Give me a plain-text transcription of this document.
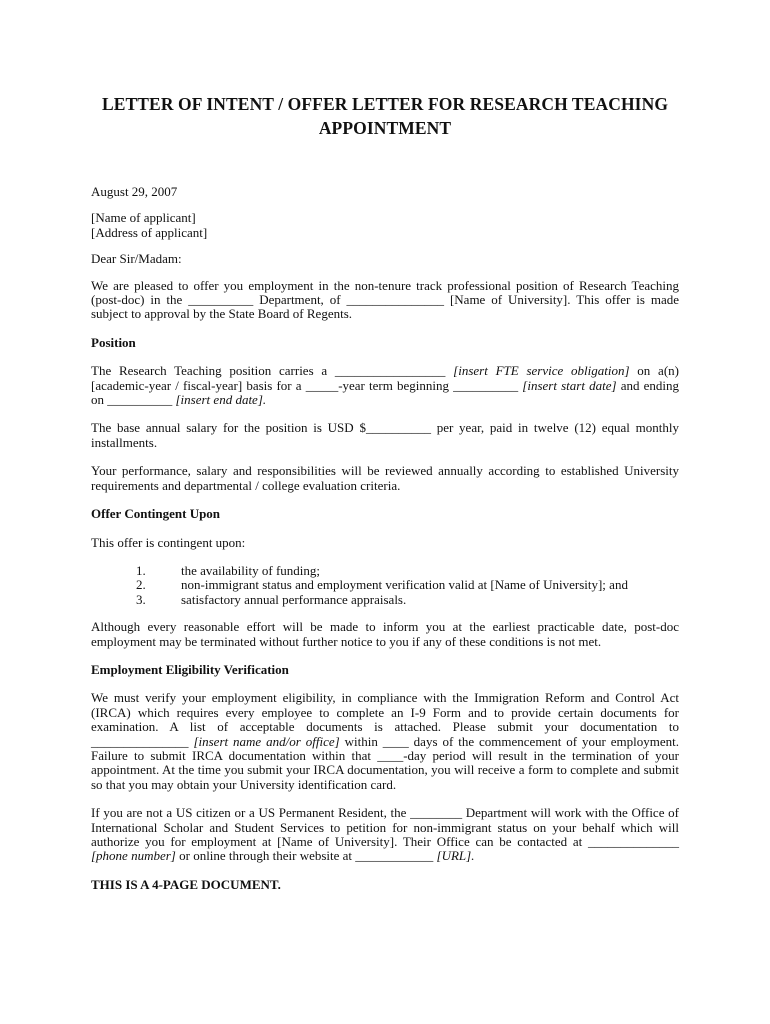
LETTER OF INTENT / OFFER LETTER FOR RESEARCH TEACHING APPOINTMENT

August 29, 2007

[Name of applicant]

[Address of applicant]

Dear Sir/Madam:

We are pleased to offer you employment in the non-tenure track professional position of Research Teaching (post-doc) in the __________ Department, of _______________ [Name of University]. This offer is made subject to approval by the State Board of Regents.

Position

The Research Teaching position carries a _________________ [insert FTE service obligation] on a(n) [academic-year / fiscal-year] basis for a _____-year term beginning __________ [insert start date] and ending on __________ [insert end date].

The base annual salary for the position is USD $__________ per year, paid in twelve (12) equal monthly installments.

Your performance, salary and responsibilities will be reviewed annually according to established University requirements and departmental / college evaluation criteria.

Offer Contingent Upon

This offer is contingent upon:

1.	the availability of funding;
2.	non-immigrant status and employment verification valid at [Name of University]; and
3.	satisfactory annual performance appraisals.

Although every reasonable effort will be made to inform you at the earliest practicable date, post-doc employment may be terminated without further notice to you if any of these conditions is not met.

Employment Eligibility Verification

We must verify your employment eligibility, in compliance with the Immigration Reform and Control Act (IRCA) which requires every employee to complete an I-9 Form and to provide certain documents for examination. A list of acceptable documents is attached. Please submit your documentation to _______________ [insert name and/or office] within ____ days of the commencement of your employment. Failure to submit IRCA documentation within that ____-day period will result in the termination of your appointment. At the time you submit your IRCA documentation, you will receive a form to complete and submit so that you may obtain your University identification card.

If you are not a US citizen or a US Permanent Resident, the ________ Department will work with the Office of International Scholar and Student Services to petition for non-immigrant status on your behalf which will authorize you for employment at [Name of University]. Their Office can be contacted at ______________ [phone number] or online through their website at ____________ [URL].

THIS IS A 4-PAGE DOCUMENT.
